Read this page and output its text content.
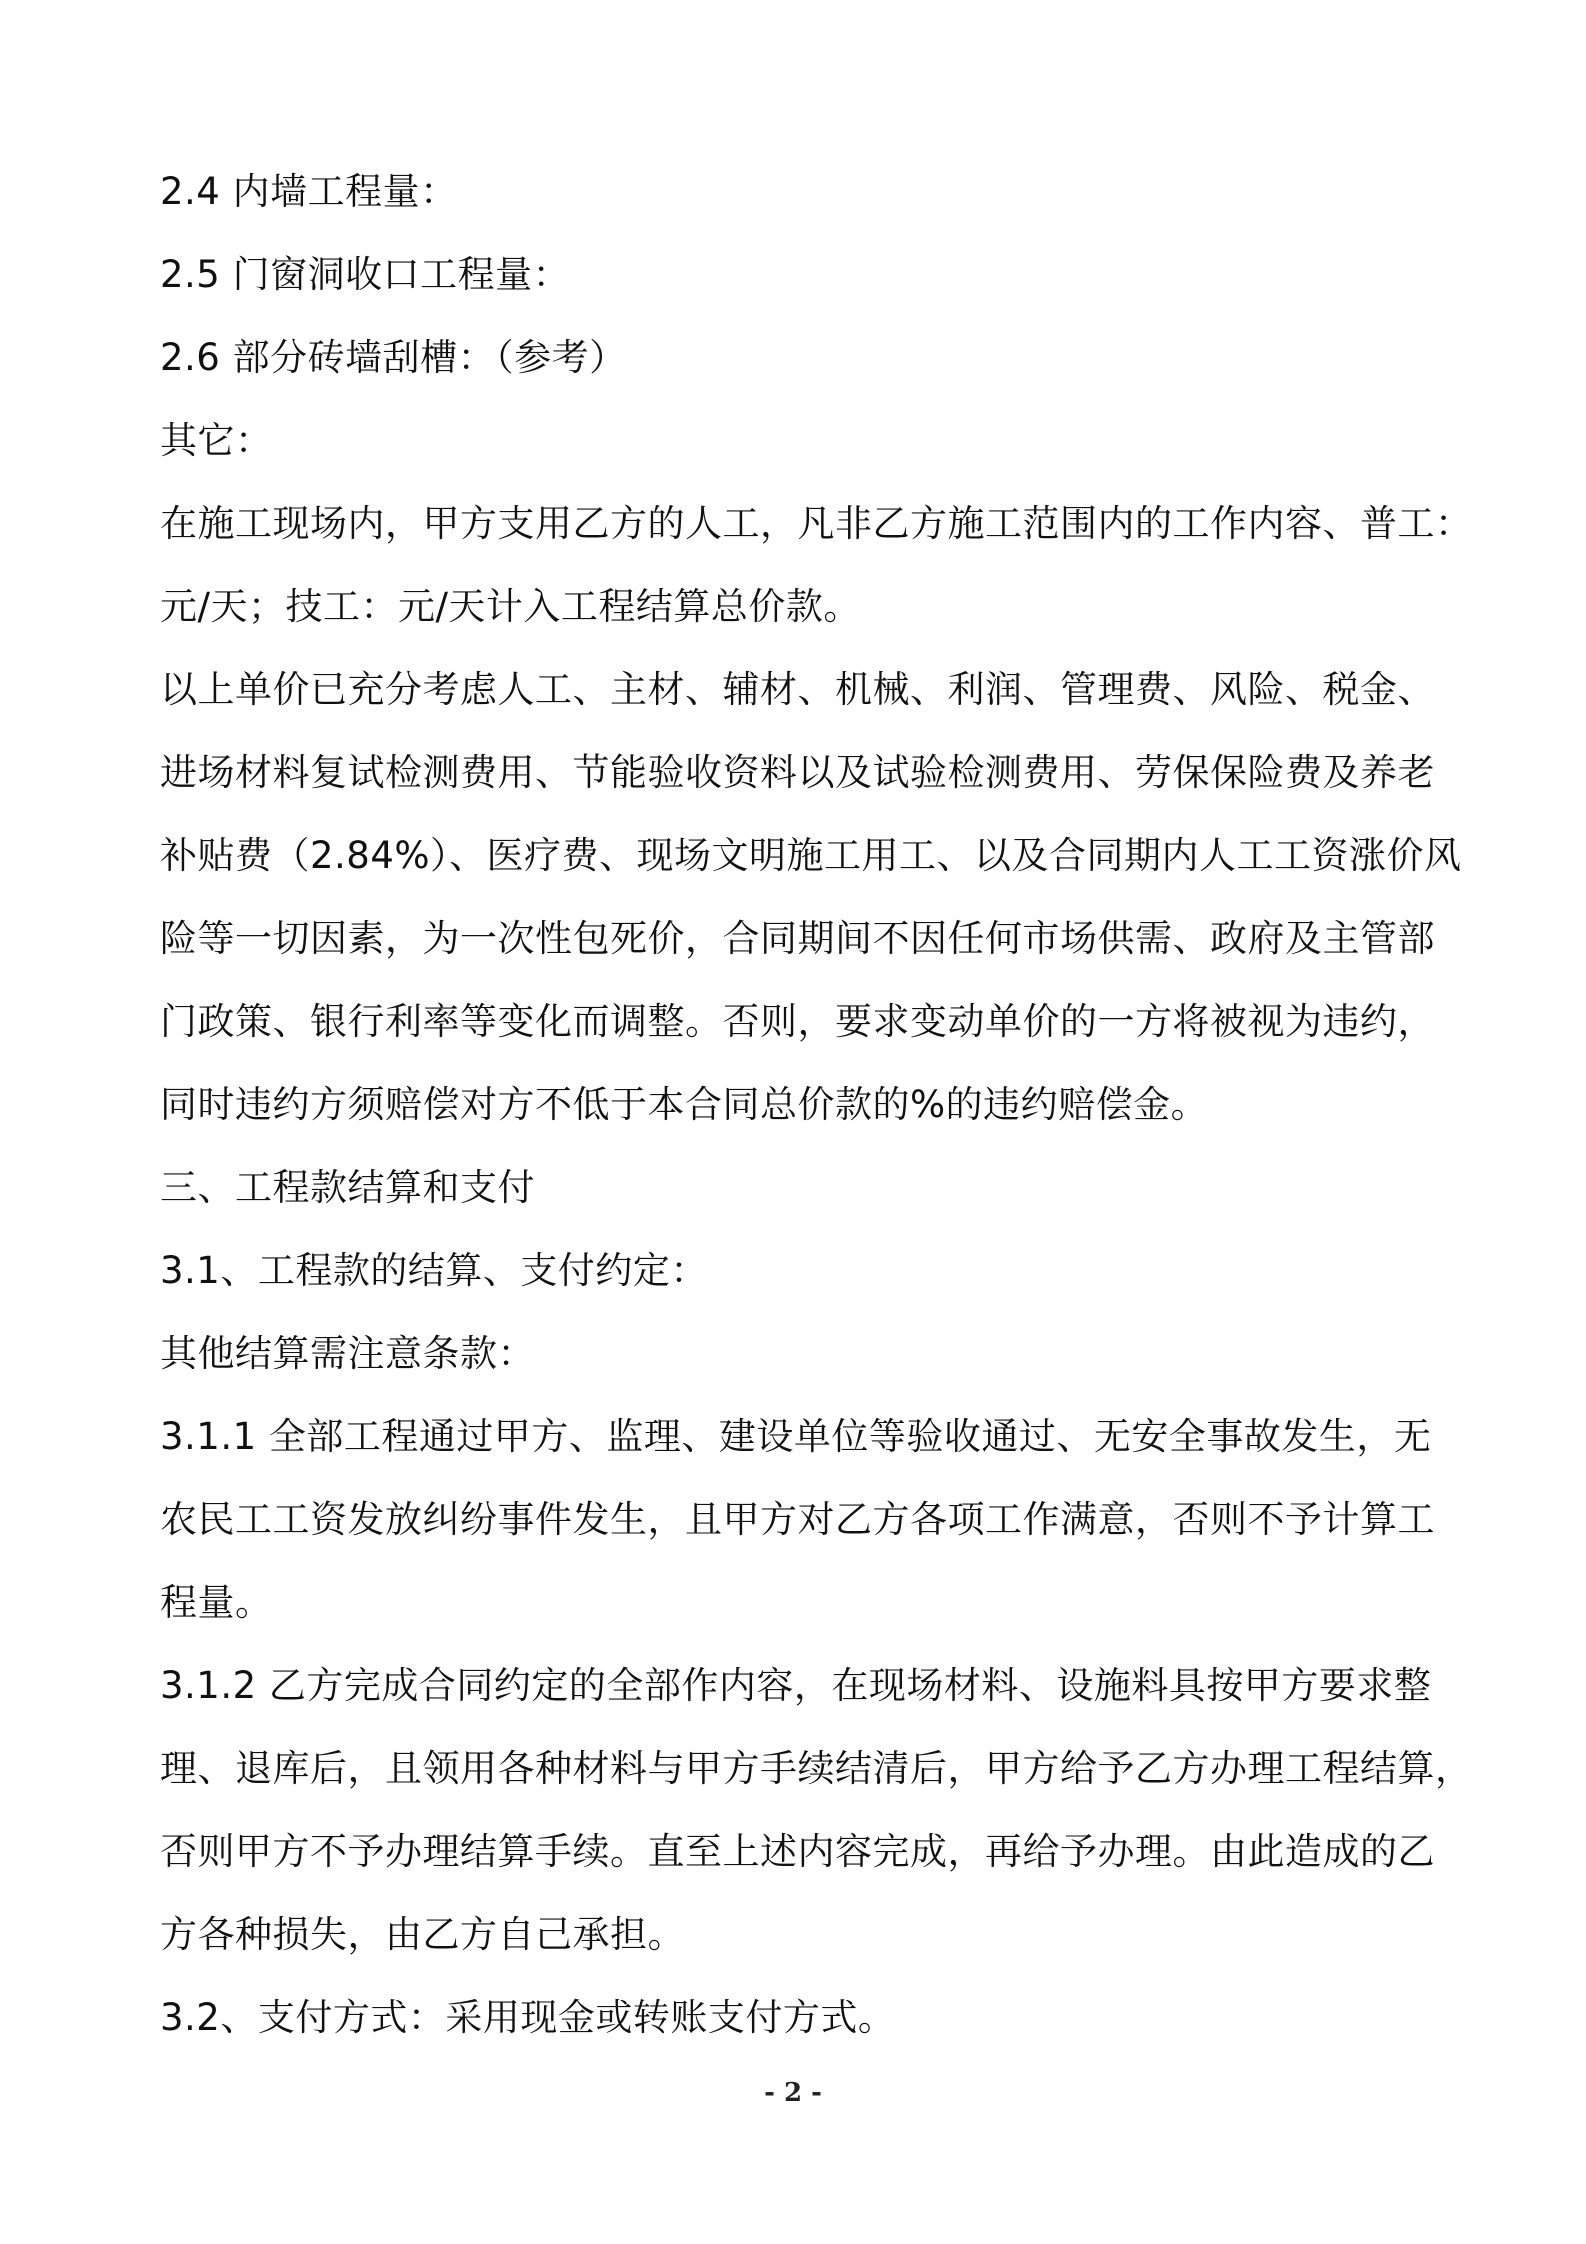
2.4 内墙工程量：
2.5 门窗洞收口工程量：
2.6 部分砖墙刮槽：（参考）
其它：
在施工现场内，甲方支用乙方的人工，凡非乙方施工范围内的工作内容、普工：
元/天；技工：元/天计入工程结算总价款。
以上单价已充分考虑人工、主材、辅材、机械、利润、管理费、风险、税金、
进场材料复试检测费用、节能验收资料以及试验检测费用、劳保保险费及养老
补贴费（2.84%）、医疗费、现场文明施工用工、以及合同期内人工工资涨价风
险等一切因素，为一次性包死价，合同期间不因任何市场供需、政府及主管部
门政策、银行利率等变化而调整。否则，要求变动单价的一方将被视为违约，
同时违约方须赔偿对方不低于本合同总价款的%的违约赔偿金。
三、工程款结算和支付
3.1、工程款的结算、支付约定：
其他结算需注意条款：
3.1.1 全部工程通过甲方、监理、建设单位等验收通过、无安全事故发生，无
农民工工资发放纠纷事件发生，且甲方对乙方各项工作满意，否则不予计算工
程量。
3.1.2 乙方完成合同约定的全部作内容，在现场材料、设施料具按甲方要求整
理、退库后，且领用各种材料与甲方手续结清后，甲方给予乙方办理工程结算，
否则甲方不予办理结算手续。直至上述内容完成，再给予办理。由此造成的乙
方各种损失，由乙方自己承担。
3.2、支付方式：采用现金或转账支付方式。
- 2 -
